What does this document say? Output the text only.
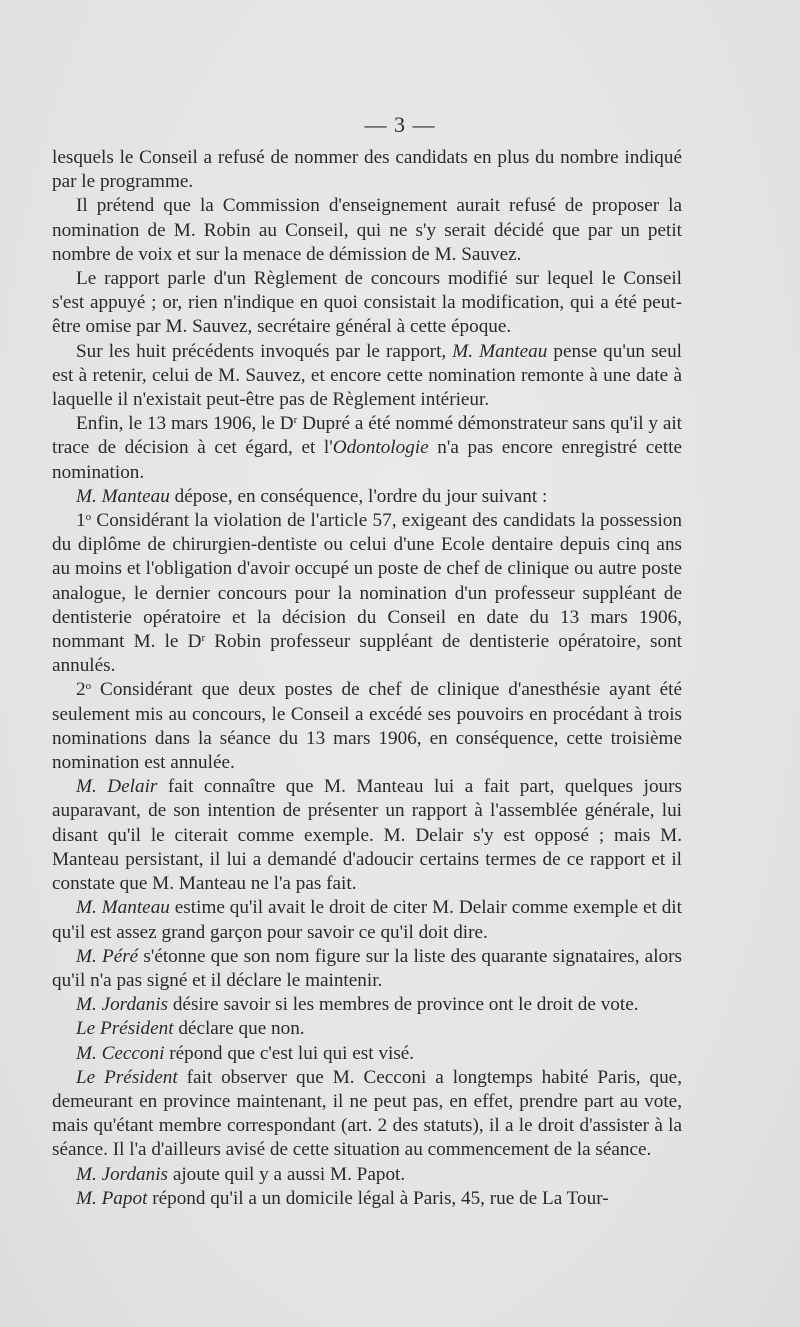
— 3 —

lesquels le Conseil a refusé de nommer des candidats en plus du nombre indiqué par le programme.

Il prétend que la Commission d'enseignement aurait refusé de proposer la nomination de M. Robin au Conseil, qui ne s'y serait décidé que par un petit nombre de voix et sur la menace de démission de M. Sauvez.

Le rapport parle d'un Règlement de concours modifié sur lequel le Conseil s'est appuyé ; or, rien n'indique en quoi consistait la modification, qui a été peut-être omise par M. Sauvez, secrétaire général à cette époque.

Sur les huit précédents invoqués par le rapport, M. Manteau pense qu'un seul est à retenir, celui de M. Sauvez, et encore cette nomination remonte à une date à laquelle il n'existait peut-être pas de Règlement intérieur.

Enfin, le 13 mars 1906, le $D^r$ Dupré a été nommé démonstrateur sans qu'il y ait trace de décision à cet égard, et l'Odontologie n'a pas encore enregistré cette nomination.

M. Manteau dépose, en conséquence, l'ordre du jour suivant :

1$^o$ Considérant la violation de l'article 57, exigeant des candidats la possession du diplôme de chirurgien-dentiste ou celui d'une Ecole dentaire depuis cinq ans au moins et l'obligation d'avoir occupé un poste de chef de clinique ou autre poste analogue, le dernier concours pour la nomination d'un professeur suppléant de dentisterie opératoire et la décision du Conseil en date du 13 mars 1906, nommant M. le $D^r$ Robin professeur suppléant de dentisterie opératoire, sont annulés.

2$^o$ Considérant que deux postes de chef de clinique d'anesthésie ayant été seulement mis au concours, le Conseil a excédé ses pouvoirs en procédant à trois nominations dans la séance du 13 mars 1906, en conséquence, cette troisième nomination est annulée.

M. Delair fait connaître que M. Manteau lui a fait part, quelques jours auparavant, de son intention de présenter un rapport à l'assemblée générale, lui disant qu'il le citerait comme exemple. M. Delair s'y est opposé ; mais M. Manteau persistant, il lui a demandé d'adoucir certains termes de ce rapport et il constate que M. Manteau ne l'a pas fait.

M. Manteau estime qu'il avait le droit de citer M. Delair comme exemple et dit qu'il est assez grand garçon pour savoir ce qu'il doit dire.

M. Péré s'étonne que son nom figure sur la liste des quarante signataires, alors qu'il n'a pas signé et il déclare le maintenir.

M. Jordanis désire savoir si les membres de province ont le droit de vote.

Le Président déclare que non.

M. Cecconi répond que c'est lui qui est visé.

Le Président fait observer que M. Cecconi a longtemps habité Paris, que, demeurant en province maintenant, il ne peut pas, en effet, prendre part au vote, mais qu'étant membre correspondant (art. 2 des statuts), il a le droit d'assister à la séance. Il l'a d'ailleurs avisé de cette situation au commencement de la séance.

M. Jordanis ajoute quil y a aussi M. Papot.

M. Papot répond qu'il a un domicile légal à Paris, 45, rue de La Tour-
